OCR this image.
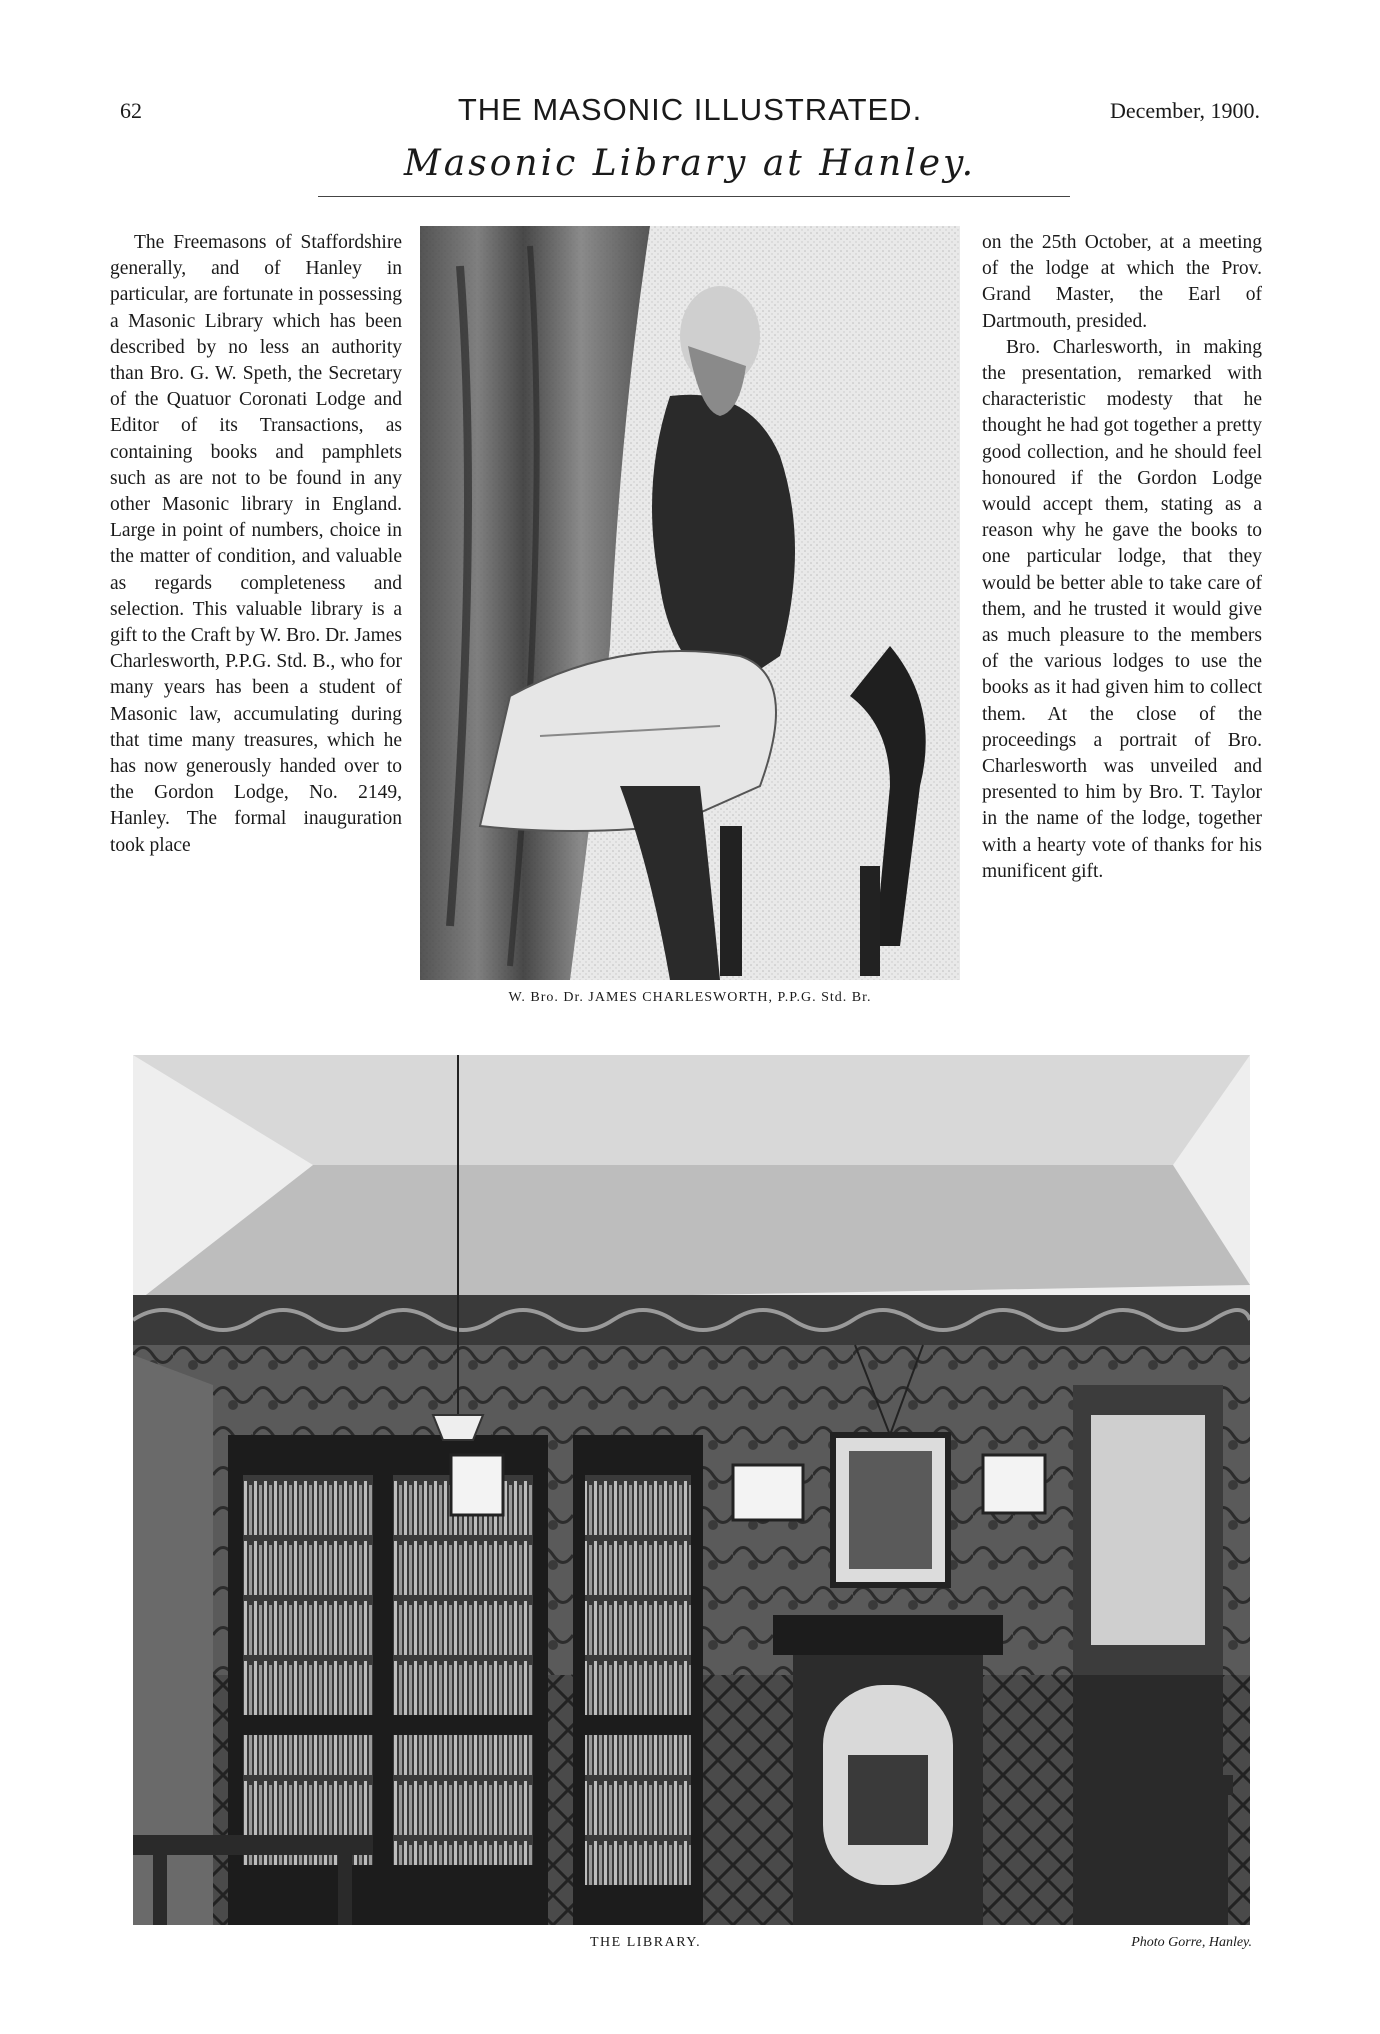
62	THE MASONIC ILLUSTRATED.	December, 1900.
Masonic Library at Hanley.

The Freemasons of Staffordshire generally, and of Hanley in particular, are fortunate in possessing a Masonic Library which has been described by no less an authority than Bro. G. W. Speth, the Secretary of the Quatuor Coronati Lodge and Editor of its Transactions, as containing books and pamphlets such as are not to be found in any other Masonic library in England. Large in point of numbers, choice in the matter of condition, and valuable as regards completeness and selection. This valuable library is a gift to the Craft by W. Bro. Dr. James Charlesworth, P.P.G. Std. B., who for many years has been a student of Masonic law, accumulating during that time many treasures, which he has now generously handed over to the Gordon Lodge, No. 2149, Hanley. The formal inauguration took place

W. Bro. Dr. JAMES CHARLESWORTH, P.P.G. Std. Br.

on the 25th October, at a meeting of the lodge at which the Prov. Grand Master, the Earl of Dartmouth, presided.

Bro. Charlesworth, in making the presentation, remarked with characteristic modesty that he thought he had got together a pretty good collection, and he should feel honoured if the Gordon Lodge would accept them, stating as a reason why he gave the books to one particular lodge, that they would be better able to take care of them, and he trusted it would give as much pleasure to the members of the various lodges to use the books as it had given him to collect them. At the close of the proceedings a portrait of Bro. Charlesworth was unveiled and presented to him by Bro. T. Taylor in the name of the lodge, together with a hearty vote of thanks for his munificent gift.

THE LIBRARY.	Photo Gorre, Hanley.
